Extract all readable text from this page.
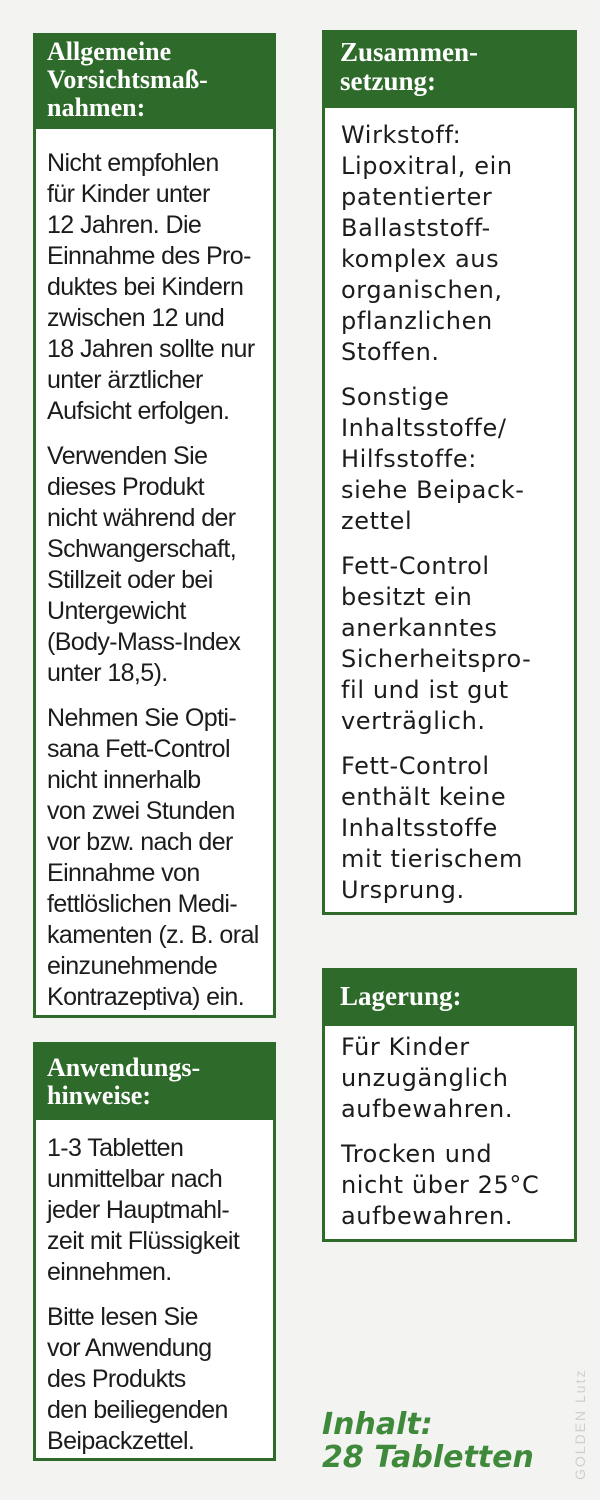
Allgemeine
Vorsichtsmaß-
nahmen:

Nicht empfohlen
für Kinder unter
12 Jahren. Die
Einnahme des Pro-
duktes bei Kindern
zwischen 12 und
18 Jahren sollte nur
unter ärztlicher
Aufsicht erfolgen.

Verwenden Sie
dieses Produkt
nicht während der
Schwangerschaft,
Stillzeit oder bei
Untergewicht
(Body-Mass-Index
unter 18,5).

Nehmen Sie Opti-
sana Fett-Control
nicht innerhalb
von zwei Stunden
vor bzw. nach der
Einnahme von
fettlöslichen Medi-
kamenten (z. B. oral
einzunehmende
Kontrazeptiva) ein.

Anwendungs-
hinweise:

1-3 Tabletten
unmittelbar nach
jeder Hauptmahl-
zeit mit Flüssigkeit
einnehmen.

Bitte lesen Sie
vor Anwendung
des Produkts
den beiliegenden
Beipackzettel.

Zusammen-
setzung:

Wirkstoff:
Lipoxitral, ein
patentierter
Ballaststoff-
komplex aus
organischen,
pflanzlichen
Stoffen.

Sonstige
Inhaltsstoffe/
Hilfsstoffe:
siehe Beipack-
zettel

Fett-Control
besitzt ein
anerkanntes
Sicherheitspro-
fil und ist gut
verträglich.

Fett-Control
enthält keine
Inhaltsstoffe
mit tierischem
Ursprung.

Lagerung:

Für Kinder
unzugänglich
aufbewahren.

Trocken und
nicht über 25°C
aufbewahren.

Inhalt:
28 Tabletten	GOLDEN Lutz
